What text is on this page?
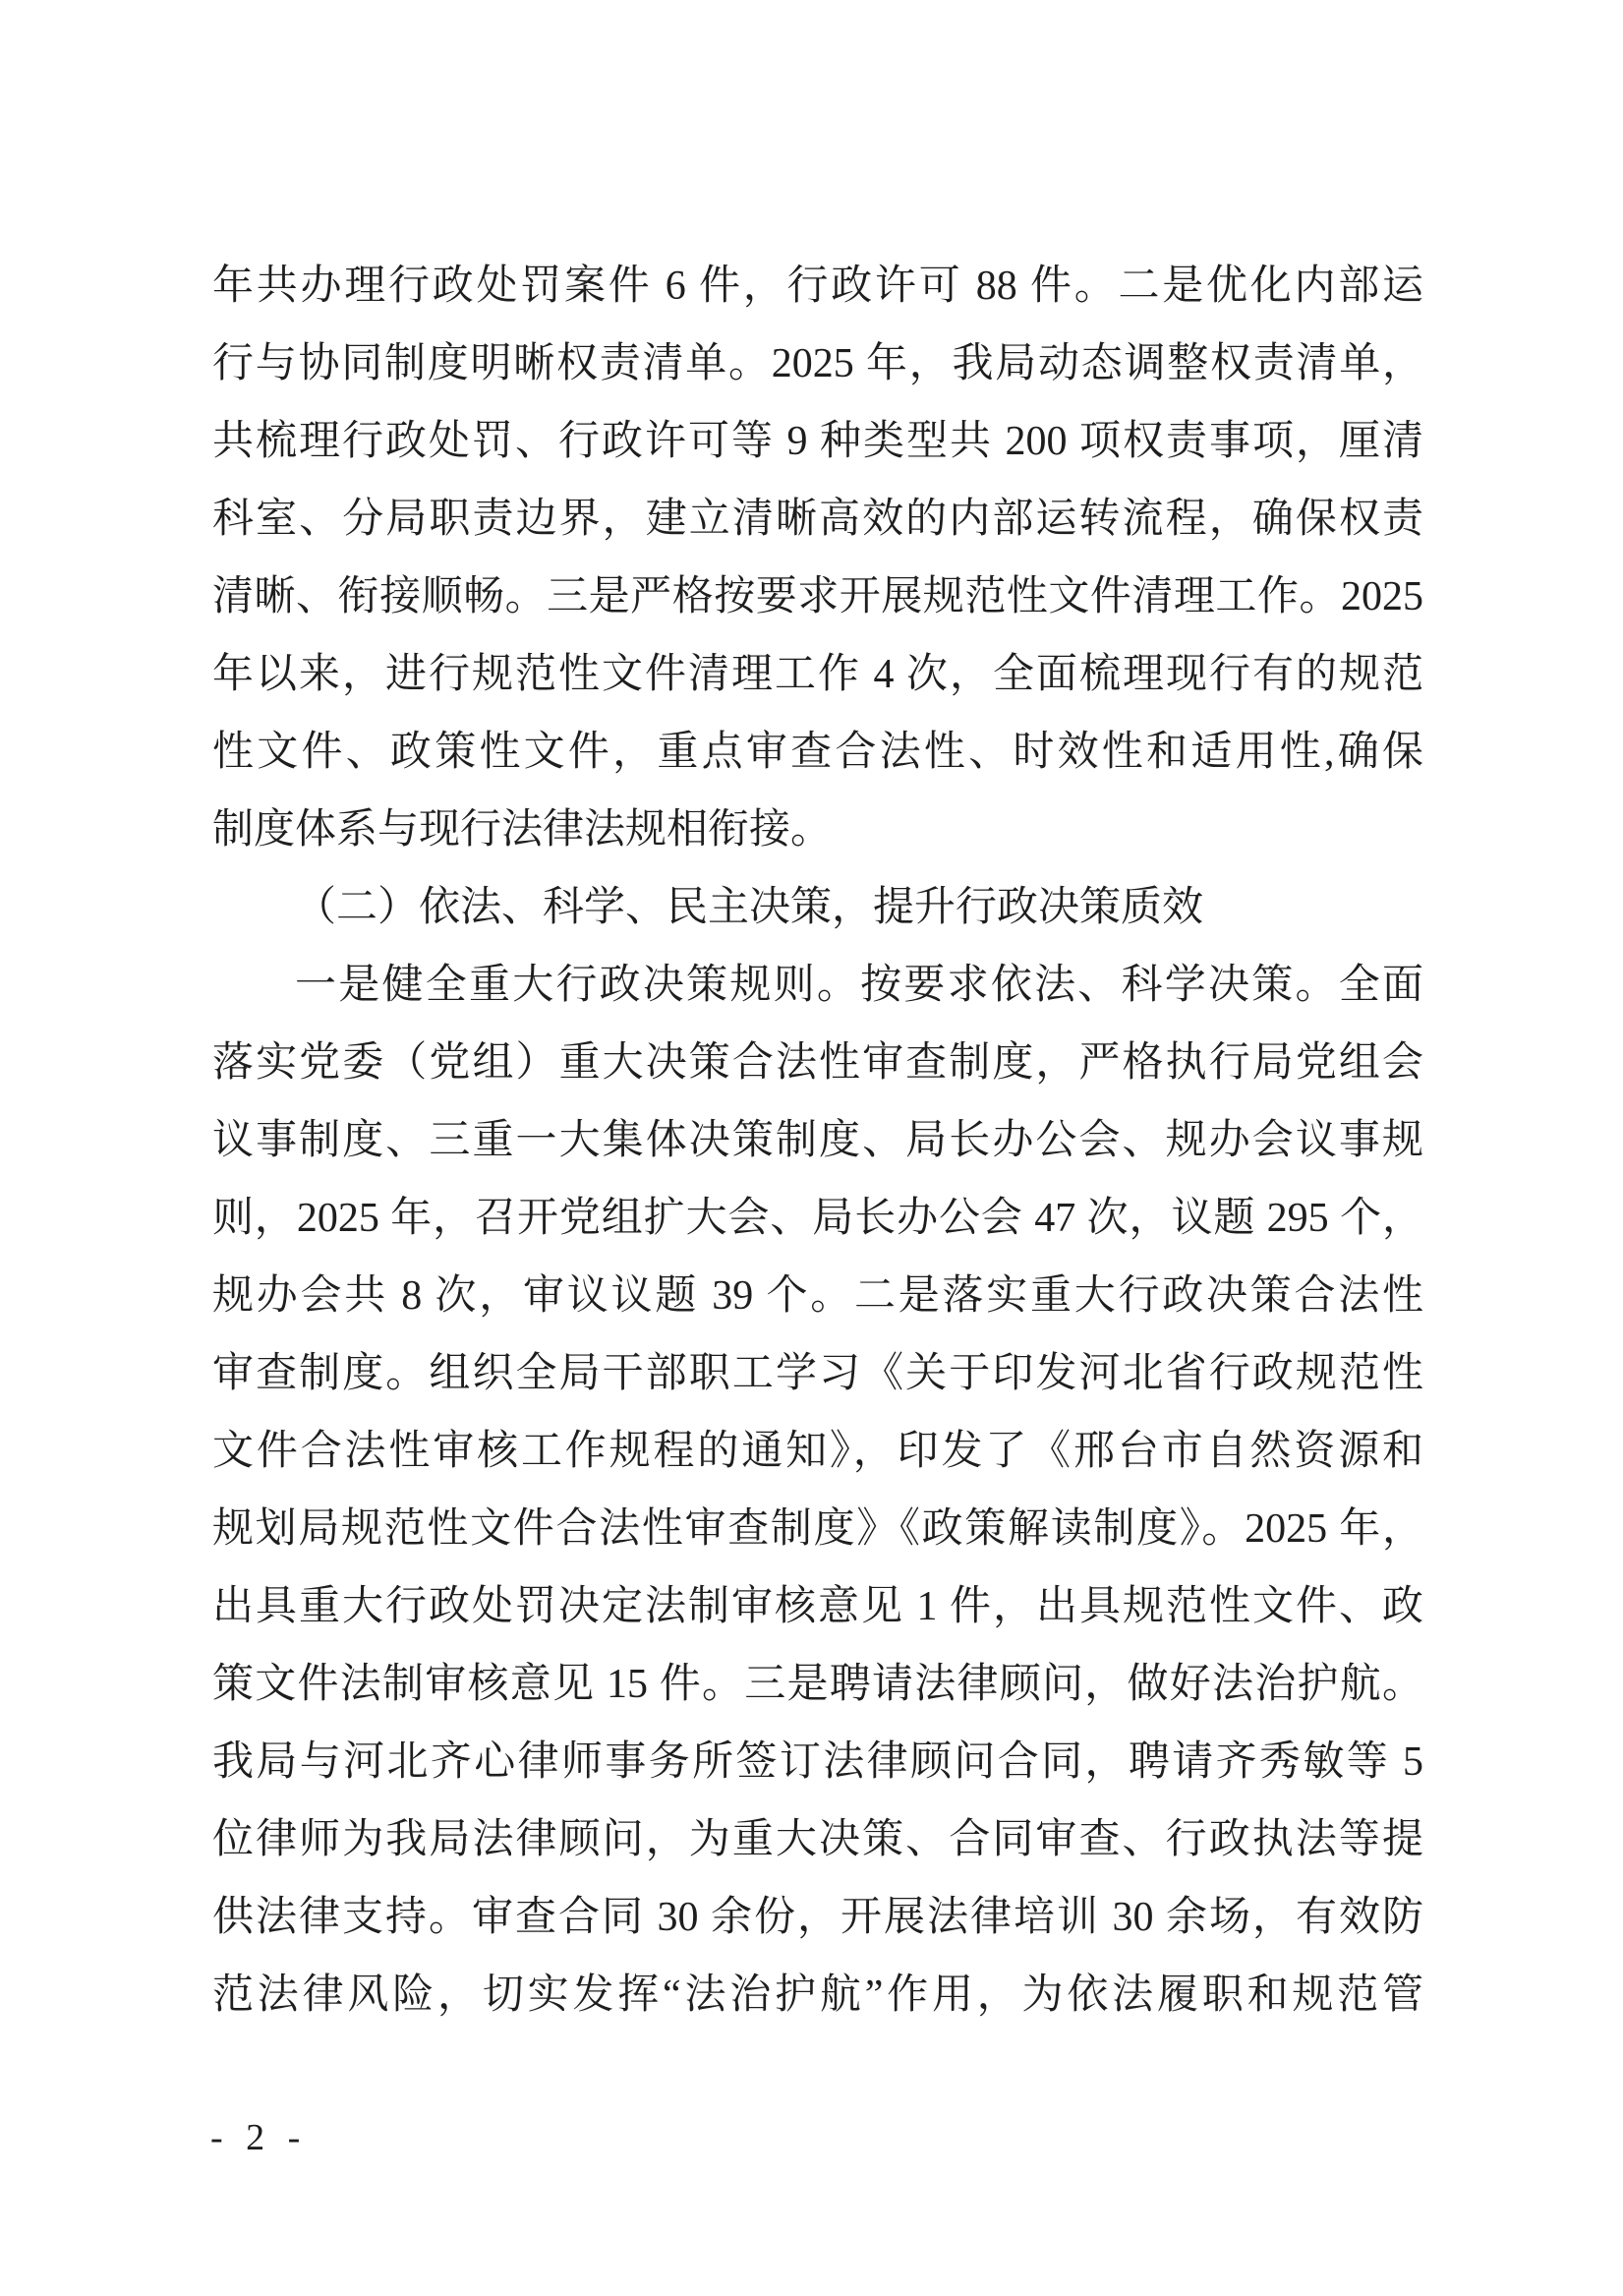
年共办理行政处罚案件 6 件，行政许可 88 件。二是优化内部运
行与协同制度明晰权责清单。2025 年，我局动态调整权责清单，
共梳理行政处罚、行政许可等 9 种类型共 200 项权责事项，厘清
科室、分局职责边界，建立清晰高效的内部运转流程，确保权责
清晰、衔接顺畅。三是严格按要求开展规范性文件清理工作。2025
年以来，进行规范性文件清理工作 4 次，全面梳理现行有的规范
性文件、政策性文件，重点审查合法性、时效性和适用性,确保
制度体系与现行法律法规相衔接。
（二）依法、科学、民主决策，提升行政决策质效
一是健全重大行政决策规则。按要求依法、科学决策。全面
落实党委（党组）重大决策合法性审查制度，严格执行局党组会
议事制度、三重一大集体决策制度、局长办公会、规办会议事规
则，2025 年，召开党组扩大会、局长办公会 47 次，议题 295 个，
规办会共 8 次，审议议题 39 个。二是落实重大行政决策合法性
审查制度。组织全局干部职工学习《关于印发河北省行政规范性
文件合法性审核工作规程的通知》，印发了《邢台市自然资源和
规划局规范性文件合法性审查制度》《政策解读制度》。2025 年，
出具重大行政处罚决定法制审核意见 1 件，出具规范性文件、政
策文件法制审核意见 15 件。三是聘请法律顾问，做好法治护航。
我局与河北齐心律师事务所签订法律顾问合同，聘请齐秀敏等 5
位律师为我局法律顾问，为重大决策、合同审查、行政执法等提
供法律支持。审查合同 30 余份，开展法律培训 30 余场，有效防
范法律风险，切实发挥“法治护航”作用，为依法履职和规范管
- 2 -
